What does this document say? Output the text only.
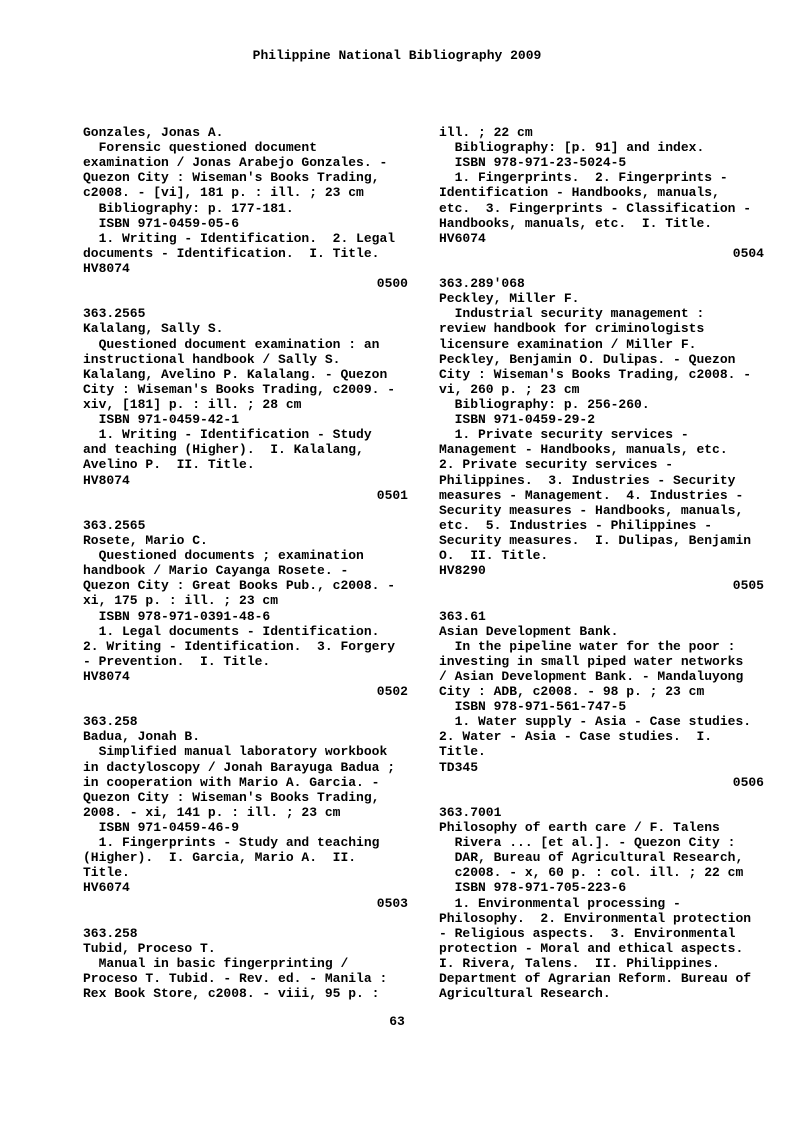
Philippine National Bibliography 2009
Gonzales, Jonas A.
Forensic questioned document
examination / Jonas Arabejo Gonzales. -
Quezon City : Wiseman's Books Trading,
c2008. - [vi], 181 p. : ill. ; 23 cm
Bibliography: p. 177-181.
ISBN 971-0459-05-6
1. Writing - Identification.  2. Legal
documents - Identification.  I. Title.
HV8074
0500
363.2565
Kalalang, Sally S.
Questioned document examination : an
instructional handbook / Sally S.
Kalalang, Avelino P. Kalalang. - Quezon
City : Wiseman's Books Trading, c2009. -
xiv, [181] p. : ill. ; 28 cm
ISBN 971-0459-42-1
1. Writing - Identification - Study
and teaching (Higher).  I. Kalalang,
Avelino P.  II. Title.
HV8074
0501
363.2565
Rosete, Mario C.
Questioned documents ; examination
handbook / Mario Cayanga Rosete. -
Quezon City : Great Books Pub., c2008. -
xi, 175 p. : ill. ; 23 cm
ISBN 978-971-0391-48-6
1. Legal documents - Identification.
2. Writing - Identification.  3. Forgery
- Prevention.  I. Title.
HV8074
0502
363.258
Badua, Jonah B.
Simplified manual laboratory workbook
in dactyloscopy / Jonah Barayuga Badua ;
in cooperation with Mario A. Garcia. -
Quezon City : Wiseman's Books Trading,
2008. - xi, 141 p. : ill. ; 23 cm
ISBN 971-0459-46-9
1. Fingerprints - Study and teaching
(Higher).  I. Garcia, Mario A.  II.
Title.
HV6074
0503
363.258
Tubid, Proceso T.
Manual in basic fingerprinting /
Proceso T. Tubid. - Rev. ed. - Manila :
Rex Book Store, c2008. - viii, 95 p. :
ill. ; 22 cm
Bibliography: [p. 91] and index.
ISBN 978-971-23-5024-5
1. Fingerprints.  2. Fingerprints -
Identification - Handbooks, manuals,
etc.  3. Fingerprints - Classification -
Handbooks, manuals, etc.  I. Title.
HV6074
0504
363.289'068
Peckley, Miller F.
Industrial security management :
review handbook for criminologists
licensure examination / Miller F.
Peckley, Benjamin O. Dulipas. - Quezon
City : Wiseman's Books Trading, c2008. -
vi, 260 p. ; 23 cm
Bibliography: p. 256-260.
ISBN 971-0459-29-2
1. Private security services -
Management - Handbooks, manuals, etc.
2. Private security services -
Philippines.  3. Industries - Security
measures - Management.  4. Industries -
Security measures - Handbooks, manuals,
etc.  5. Industries - Philippines -
Security measures.  I. Dulipas, Benjamin
O.  II. Title.
HV8290
0505
363.61
Asian Development Bank.
In the pipeline water for the poor :
investing in small piped water networks
/ Asian Development Bank. - Mandaluyong
City : ADB, c2008. - 98 p. ; 23 cm
ISBN 978-971-561-747-5
1. Water supply - Asia - Case studies.
2. Water - Asia - Case studies.  I.
Title.
TD345
0506
363.7001
Philosophy of earth care / F. Talens
Rivera ... [et al.]. - Quezon City :
DAR, Bureau of Agricultural Research,
c2008. - x, 60 p. : col. ill. ; 22 cm
ISBN 978-971-705-223-6
1. Environmental processing -
Philosophy.  2. Environmental protection
- Religious aspects.  3. Environmental
protection - Moral and ethical aspects.
I. Rivera, Talens.  II. Philippines.
Department of Agrarian Reform. Bureau of
Agricultural Research.
63
